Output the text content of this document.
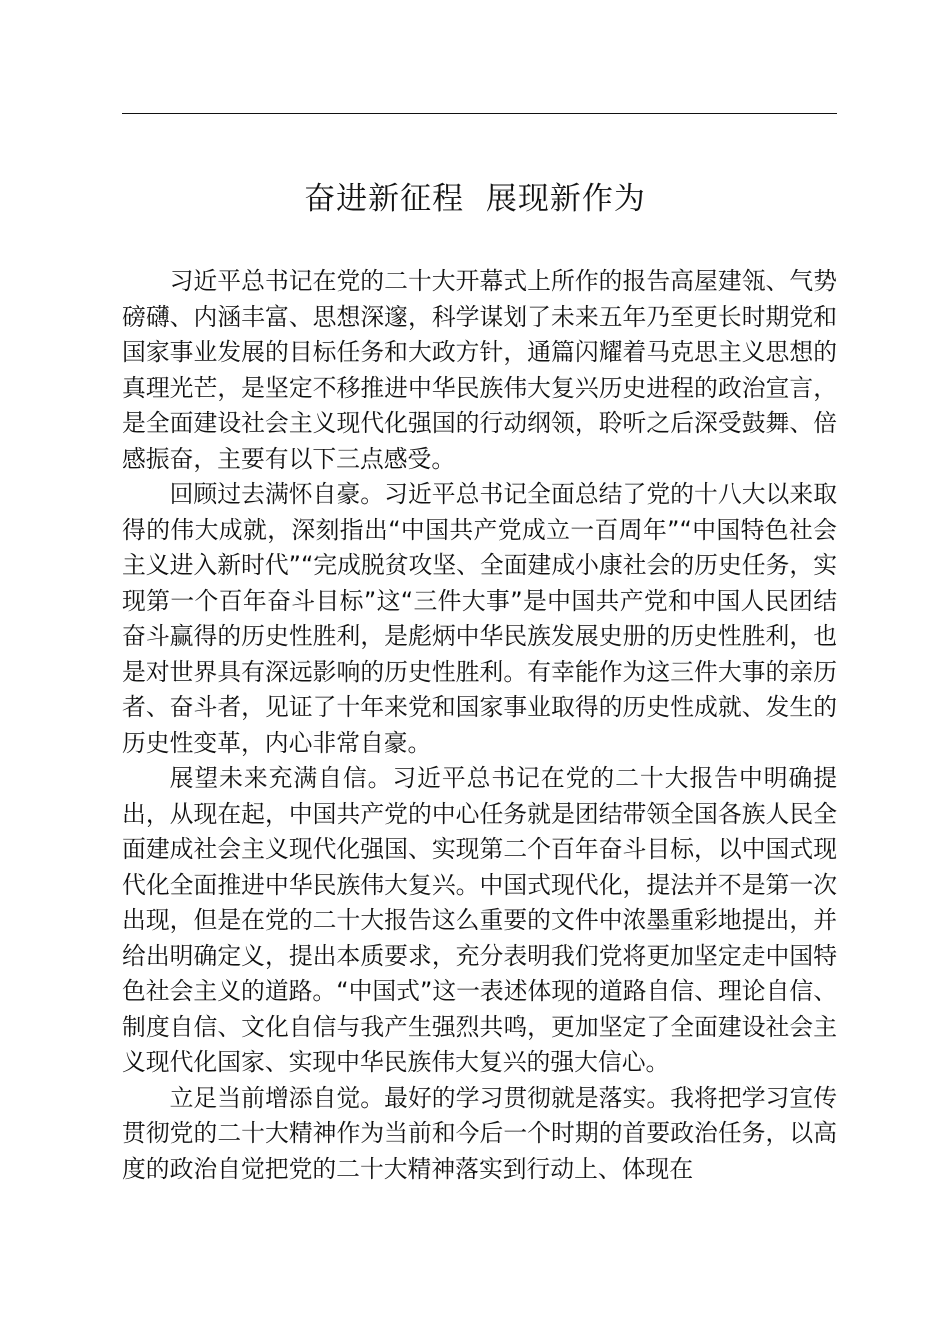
奋进新征程  展现新作为

习近平总书记在党的二十大开幕式上所作的报告高屋建瓴、气势磅礴、内涵丰富、思想深邃，科学谋划了未来五年乃至更长时期党和国家事业发展的目标任务和大政方针，通篇闪耀着马克思主义思想的真理光芒，是坚定不移推进中华民族伟大复兴历史进程的政治宣言，是全面建设社会主义现代化强国的行动纲领，聆听之后深受鼓舞、倍感振奋，主要有以下三点感受。

回顾过去满怀自豪。习近平总书记全面总结了党的十八大以来取得的伟大成就，深刻指出“中国共产党成立一百周年”“中国特色社会主义进入新时代”“完成脱贫攻坚、全面建成小康社会的历史任务，实现第一个百年奋斗目标”这“三件大事”是中国共产党和中国人民团结奋斗赢得的历史性胜利，是彪炳中华民族发展史册的历史性胜利，也是对世界具有深远影响的历史性胜利。有幸能作为这三件大事的亲历者、奋斗者，见证了十年来党和国家事业取得的历史性成就、发生的历史性变革，内心非常自豪。

展望未来充满自信。习近平总书记在党的二十大报告中明确提出，从现在起，中国共产党的中心任务就是团结带领全国各族人民全面建成社会主义现代化强国、实现第二个百年奋斗目标，以中国式现代化全面推进中华民族伟大复兴。中国式现代化，提法并不是第一次出现，但是在党的二十大报告这么重要的文件中浓墨重彩地提出，并给出明确定义，提出本质要求，充分表明我们党将更加坚定走中国特色社会主义的道路。“中国式”这一表述体现的道路自信、理论自信、制度自信、文化自信与我产生强烈共鸣，更加坚定了全面建设社会主义现代化国家、实现中华民族伟大复兴的强大信心。

立足当前增添自觉。最好的学习贯彻就是落实。我将把学习宣传贯彻党的二十大精神作为当前和今后一个时期的首要政治任务，以高度的政治自觉把党的二十大精神落实到行动上、体现在
